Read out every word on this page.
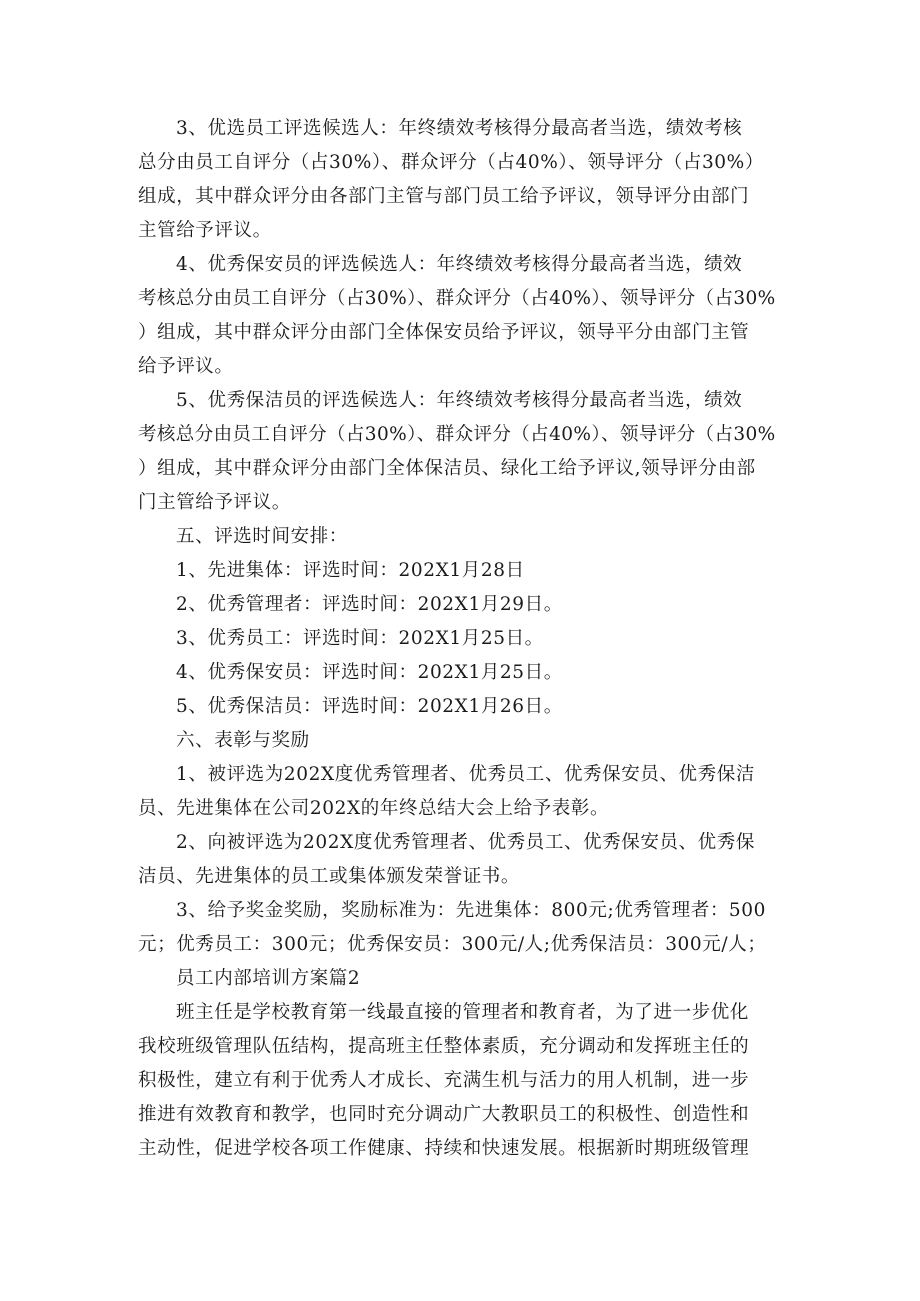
3、优选员工评选候选人：年终绩效考核得分最高者当选，绩效考核
总分由员工自评分（占30%）、群众评分（占40%）、领导评分（占30%）
组成，其中群众评分由各部门主管与部门员工给予评议，领导评分由部门
主管给予评议。
4、优秀保安员的评选候选人：年终绩效考核得分最高者当选，绩效
考核总分由员工自评分（占30%）、群众评分（占40%）、领导评分（占30%
）组成，其中群众评分由部门全体保安员给予评议，领导平分由部门主管
给予评议。
5、优秀保洁员的评选候选人：年终绩效考核得分最高者当选，绩效
考核总分由员工自评分（占30%）、群众评分（占40%）、领导评分（占30%
）组成，其中群众评分由部门全体保洁员、绿化工给予评议,领导评分由部
门主管给予评议。
五、评选时间安排：
1、先进集体：评选时间：202X1月28日
2、优秀管理者：评选时间：202X1月29日。
3、优秀员工：评选时间：202X1月25日。
4、优秀保安员：评选时间：202X1月25日。
5、优秀保洁员：评选时间：202X1月26日。
六、表彰与奖励
1、被评选为202X度优秀管理者、优秀员工、优秀保安员、优秀保洁
员、先进集体在公司202X的年终总结大会上给予表彰。
2、向被评选为202X度优秀管理者、优秀员工、优秀保安员、优秀保
洁员、先进集体的员工或集体颁发荣誉证书。
3、给予奖金奖励，奖励标准为：先进集体：800元;优秀管理者：500
元；优秀员工：300元；优秀保安员：300元/人;优秀保洁员：300元/人；
员工内部培训方案篇2
班主任是学校教育第一线最直接的管理者和教育者，为了进一步优化
我校班级管理队伍结构，提高班主任整体素质，充分调动和发挥班主任的
积极性，建立有利于优秀人才成长、充满生机与活力的用人机制，进一步
推进有效教育和教学，也同时充分调动广大教职员工的积极性、创造性和
主动性，促进学校各项工作健康、持续和快速发展。根据新时期班级管理
